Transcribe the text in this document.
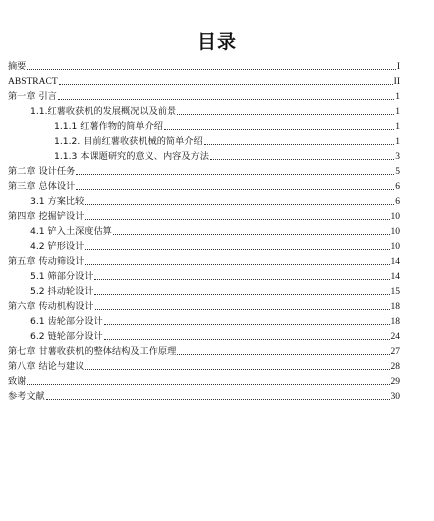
目录
摘要	I
ABSTRACT	II
第一章 引言	1
1.1.红薯收获机的发展概况以及前景	1
1.1.1 红薯作物的简单介绍	1
1.1.2. 目前红薯收获机械的简单介绍	1
1.1.3 本课题研究的意义、内容及方法	3
第二章 设计任务	5
第三章 总体设计	6
3.1 方案比较	6
第四章 挖掘铲设计	10
4.1 铲入土深度估算	10
4.2 铲形设计	10
第五章 传动筛设计	14
5.1 筛部分设计	14
5.2 抖动轮设计	15
第六章 传动机构设计	18
6.1 齿轮部分设计	18
6.2 链轮部分设计	24
第七章 甘薯收获机的整体结构及工作原理	27
第八章 结论与建议	28
致谢	29
参考文献	30
